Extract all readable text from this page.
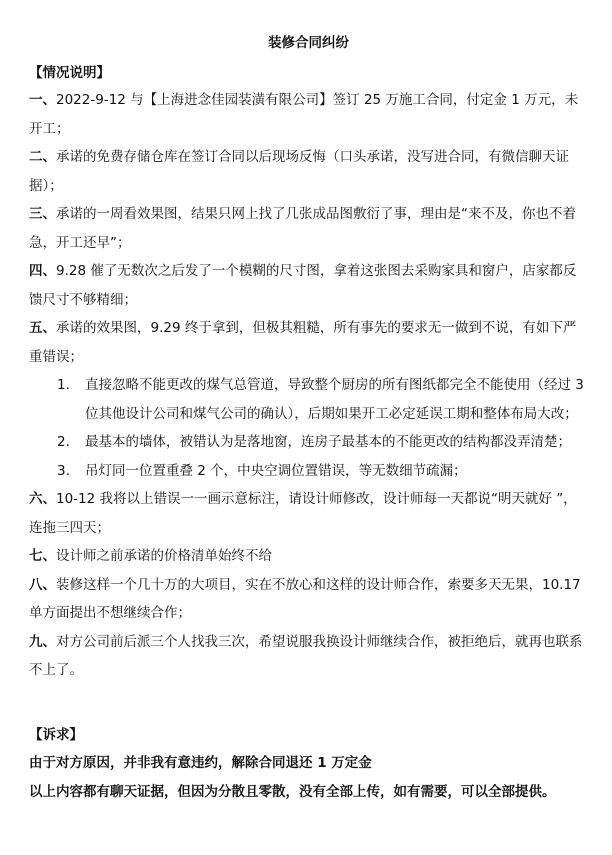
装修合同纠纷
【情况说明】

一、2022-9-12 与【上海进念佳园装潢有限公司】签订 25 万施工合同，付定金 1 万元，未开工；

二、承诺的免费存储仓库在签订合同以后现场反悔（口头承诺，没写进合同，有微信聊天证据）；

三、承诺的一周看效果图，结果只网上找了几张成品图敷衍了事，理由是“来不及，你也不着急，开工还早”；

四、9.28 催了无数次之后发了一个模糊的尺寸图，拿着这张图去采购家具和窗户，店家都反馈尺寸不够精细；

五、承诺的效果图，9.29 终于拿到，但极其粗糙，所有事先的要求无一做到不说，有如下严重错误；

1. 直接忽略不能更改的煤气总管道，导致整个厨房的所有图纸都完全不能使用（经过 3 位其他设计公司和煤气公司的确认），后期如果开工必定延误工期和整体布局大改；

2. 最基本的墙体，被错认为是落地窗，连房子最基本的不能更改的结构都没弄清楚；

3. 吊灯同一位置重叠 2 个，中央空调位置错误，等无数细节疏漏；

六、10-12 我将以上错误一一画示意标注，请设计师修改，设计师每一天都说“明天就好 ”，连拖三四天；

七、设计师之前承诺的价格清单始终不给

八、装修这样一个几十万的大项目，实在不放心和这样的设计师合作，索要多天无果，10.17 单方面提出不想继续合作；

九、对方公司前后派三个人找我三次，希望说服我换设计师继续合作，被拒绝后，就再也联系不上了。

【诉求】

由于对方原因，并非我有意违约，解除合同退还 1 万定金

以上内容都有聊天证据，但因为分散且零散，没有全部上传，如有需要，可以全部提供。
